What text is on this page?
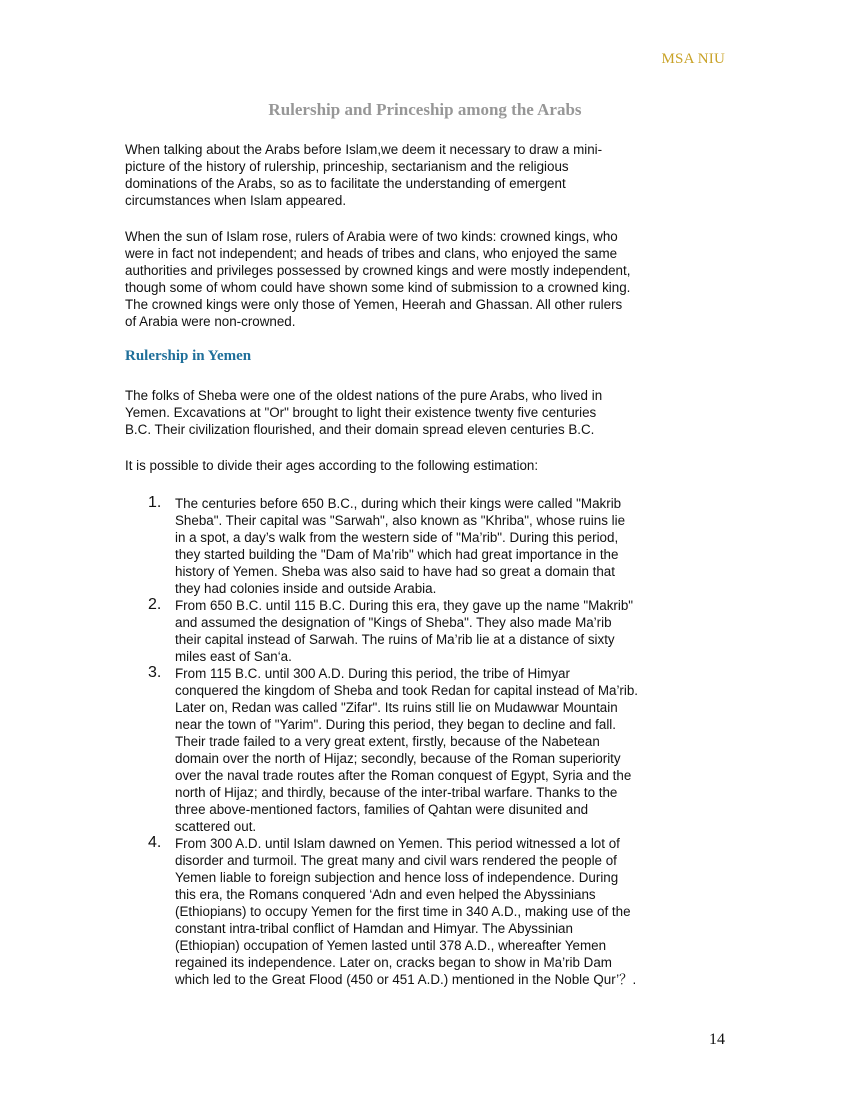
MSA NIU
Rulership and Princeship among the Arabs

When talking about the Arabs before Islam,we deem it necessary to draw a mini-
picture of the history of rulership, princeship, sectarianism and the religious
dominations of the Arabs, so as to facilitate the understanding of emergent
circumstances when Islam appeared.

When the sun of Islam rose, rulers of Arabia were of two kinds: crowned kings, who
were in fact not independent; and heads of tribes and clans, who enjoyed the same
authorities and privileges possessed by crowned kings and were mostly independent,
though some of whom could have shown some kind of submission to a crowned king.
The crowned kings were only those of Yemen, Heerah and Ghassan. All other rulers
of Arabia were non-crowned.

Rulership in Yemen

The folks of Sheba were one of the oldest nations of the pure Arabs, who lived in
Yemen. Excavations at "Or" brought to light their existence twenty five centuries
B.C. Their civilization flourished, and their domain spread eleven centuries B.C.

It is possible to divide their ages according to the following estimation:

1. The centuries before 650 B.C., during which their kings were called "Makrib
Sheba". Their capital was "Sarwah", also known as "Khriba", whose ruins lie
in a spot, a day’s walk from the western side of "Ma’rib". During this period,
they started building the "Dam of Ma’rib" which had great importance in the
history of Yemen. Sheba was also said to have had so great a domain that
they had colonies inside and outside Arabia.
2. From 650 B.C. until 115 B.C. During this era, they gave up the name "Makrib"
and assumed the designation of "Kings of Sheba". They also made Ma’rib
their capital instead of Sarwah. The ruins of Ma’rib lie at a distance of sixty
miles east of San‘a.
3. From 115 B.C. until 300 A.D. During this period, the tribe of Himyar
conquered the kingdom of Sheba and took Redan for capital instead of Ma’rib.
Later on, Redan was called "Zifar". Its ruins still lie on Mudawwar Mountain
near the town of "Yarim". During this period, they began to decline and fall.
Their trade failed to a very great extent, firstly, because of the Nabetean
domain over the north of Hijaz; secondly, because of the Roman superiority
over the naval trade routes after the Roman conquest of Egypt, Syria and the
north of Hijaz; and thirdly, because of the inter-tribal warfare. Thanks to the
three above-mentioned factors, families of Qahtan were disunited and
scattered out.
4. From 300 A.D. until Islam dawned on Yemen. This period witnessed a lot of
disorder and turmoil. The great many and civil wars rendered the people of
Yemen liable to foreign subjection and hence loss of independence. During
this era, the Romans conquered ‘Adn and even helped the Abyssinians
(Ethiopians) to occupy Yemen for the first time in 340 A.D., making use of the
constant intra-tribal conflict of Hamdan and Himyar. The Abyssinian
(Ethiopian) occupation of Yemen lasted until 378 A.D., whereafter Yemen
regained its independence. Later on, cracks began to show in Ma’rib Dam
which led to the Great Flood (450 or 451 A.D.) mentioned in the Noble Qur’？.
14
